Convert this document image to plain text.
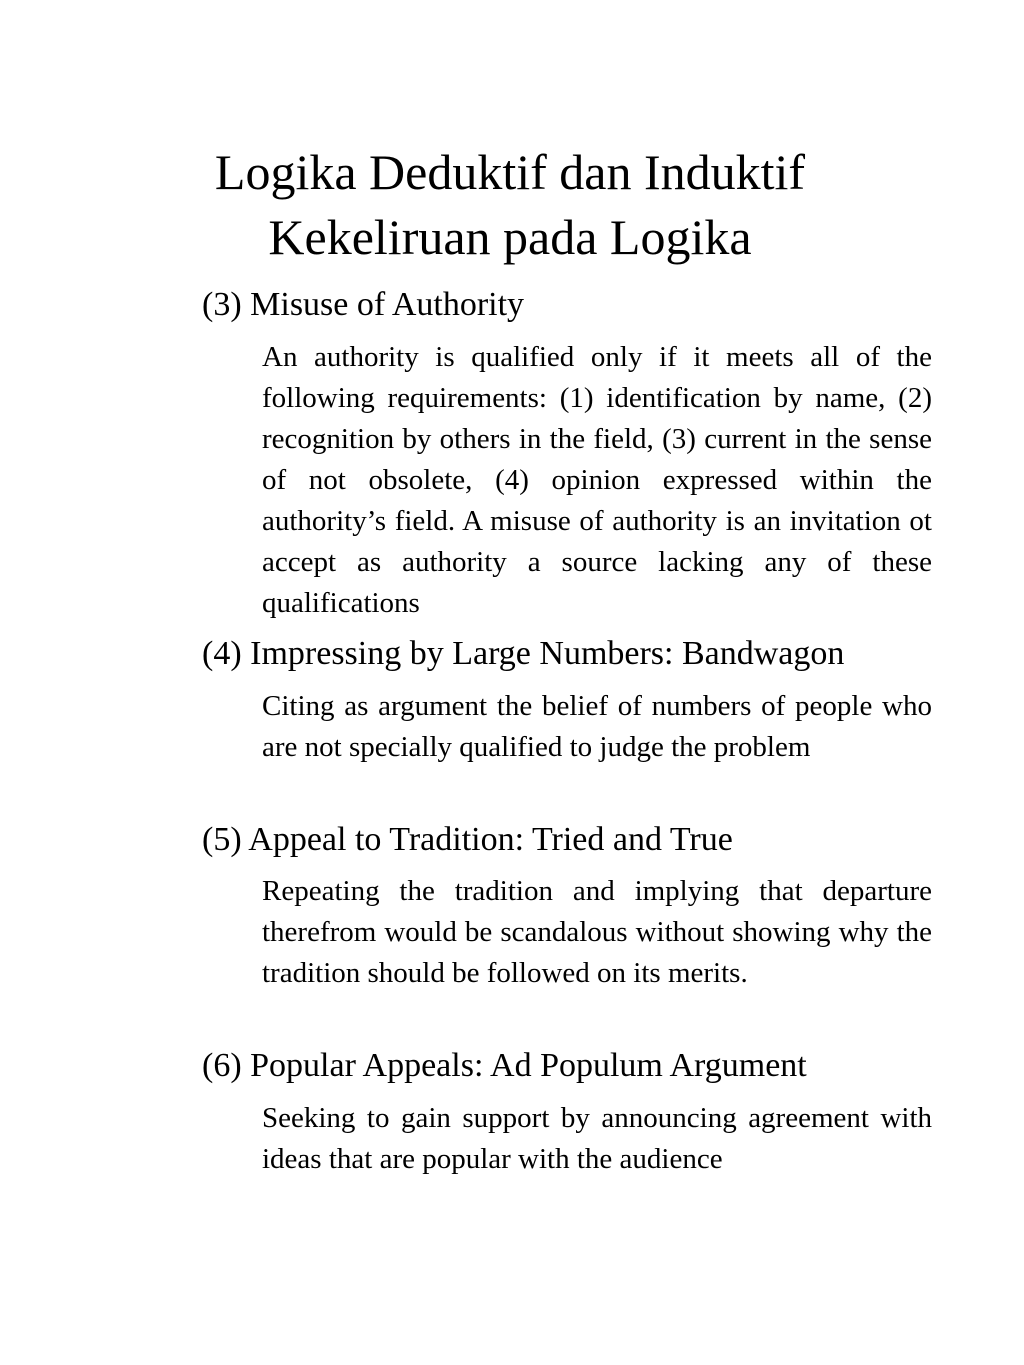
Logika Deduktif dan Induktif
Kekeliruan pada Logika
(3) Misuse of Authority
An authority is qualified only if it meets all of the following requirements: (1) identification by name, (2) recognition by others in the field, (3) current in the sense of not obsolete, (4) opinion expressed within the authority’s field. A misuse of authority is an invitation ot accept as authority a source lacking any of these qualifications
(4) Impressing by Large Numbers: Bandwagon
Citing as argument the belief of numbers of people who are not specially qualified to judge the problem
(5) Appeal to Tradition: Tried and True
Repeating the tradition and implying that departure therefrom would be scandalous without showing why the tradition should be followed on its merits.
(6) Popular Appeals: Ad Populum Argument
Seeking to gain support by announcing agreement with ideas that are popular with the audience
